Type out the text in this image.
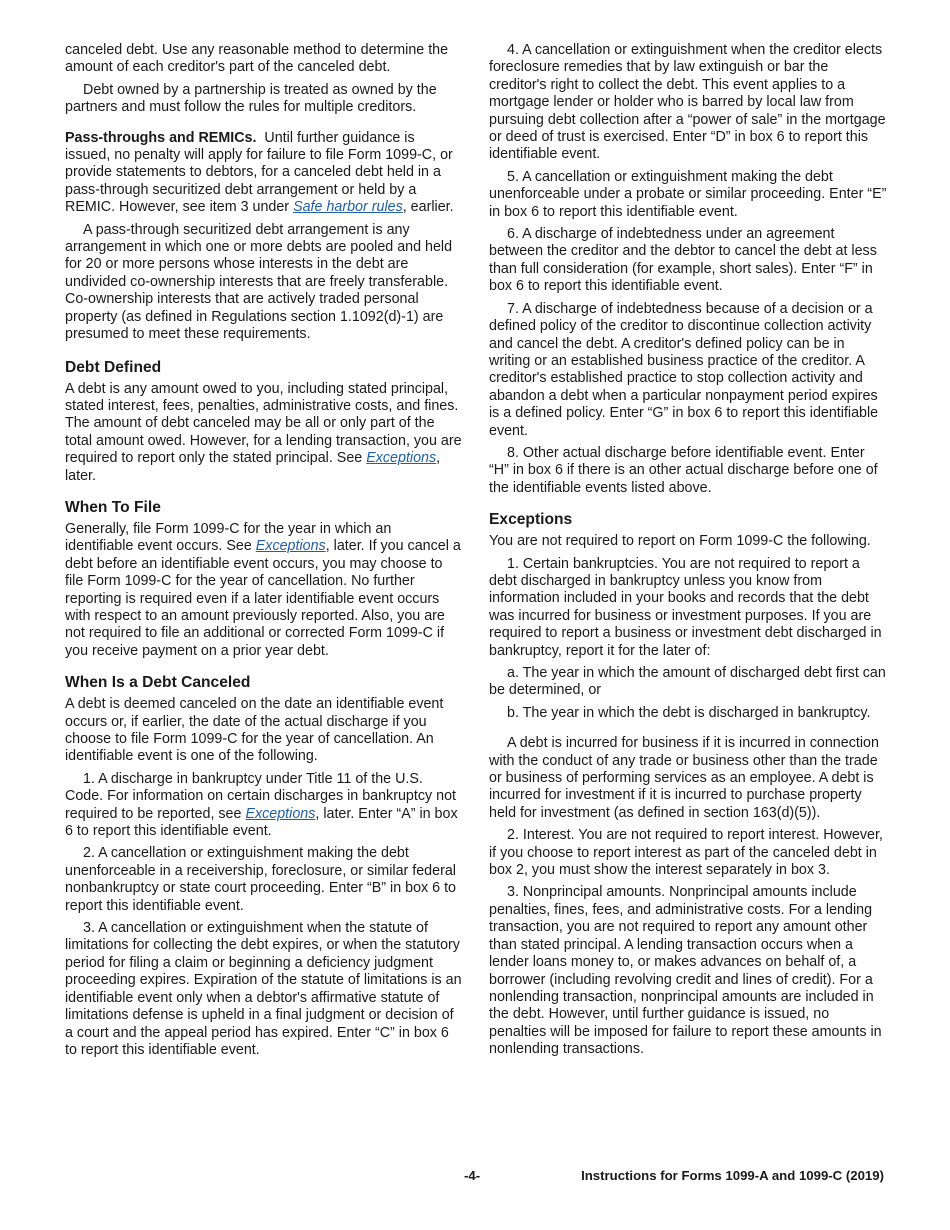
canceled debt. Use any reasonable method to determine the amount of each creditor's part of the canceled debt.

Debt owned by a partnership is treated as owned by the partners and must follow the rules for multiple creditors.

Pass-throughs and REMICs. Until further guidance is issued, no penalty will apply for failure to file Form 1099-C, or provide statements to debtors, for a canceled debt held in a pass-through securitized debt arrangement or held by a REMIC. However, see item 3 under Safe harbor rules, earlier.

A pass-through securitized debt arrangement is any arrangement in which one or more debts are pooled and held for 20 or more persons whose interests in the debt are undivided co-ownership interests that are freely transferable. Co-ownership interests that are actively traded personal property (as defined in Regulations section 1.1092(d)-1) are presumed to meet these requirements.

Debt Defined

A debt is any amount owed to you, including stated principal, stated interest, fees, penalties, administrative costs, and fines. The amount of debt canceled may be all or only part of the total amount owed. However, for a lending transaction, you are required to report only the stated principal. See Exceptions, later.

When To File

Generally, file Form 1099-C for the year in which an identifiable event occurs. See Exceptions, later. If you cancel a debt before an identifiable event occurs, you may choose to file Form 1099-C for the year of cancellation. No further reporting is required even if a later identifiable event occurs with respect to an amount previously reported. Also, you are not required to file an additional or corrected Form 1099-C if you receive payment on a prior year debt.

When Is a Debt Canceled

A debt is deemed canceled on the date an identifiable event occurs or, if earlier, the date of the actual discharge if you choose to file Form 1099-C for the year of cancellation. An identifiable event is one of the following.

1. A discharge in bankruptcy under Title 11 of the U.S. Code. For information on certain discharges in bankruptcy not required to be reported, see Exceptions, later. Enter “A” in box 6 to report this identifiable event.

2. A cancellation or extinguishment making the debt unenforceable in a receivership, foreclosure, or similar federal nonbankruptcy or state court proceeding. Enter “B” in box 6 to report this identifiable event.

3. A cancellation or extinguishment when the statute of limitations for collecting the debt expires, or when the statutory period for filing a claim or beginning a deficiency judgment proceeding expires. Expiration of the statute of limitations is an identifiable event only when a debtor's affirmative statute of limitations defense is upheld in a final judgment or decision of a court and the appeal period has expired. Enter “C” in box 6 to report this identifiable event.

4. A cancellation or extinguishment when the creditor elects foreclosure remedies that by law extinguish or bar the creditor's right to collect the debt. This event applies to a mortgage lender or holder who is barred by local law from pursuing debt collection after a “power of sale” in the mortgage or deed of trust is exercised. Enter “D” in box 6 to report this identifiable event.

5. A cancellation or extinguishment making the debt unenforceable under a probate or similar proceeding. Enter “E” in box 6 to report this identifiable event.

6. A discharge of indebtedness under an agreement between the creditor and the debtor to cancel the debt at less than full consideration (for example, short sales). Enter “F” in box 6 to report this identifiable event.

7. A discharge of indebtedness because of a decision or a defined policy of the creditor to discontinue collection activity and cancel the debt. A creditor's defined policy can be in writing or an established business practice of the creditor. A creditor's established practice to stop collection activity and abandon a debt when a particular nonpayment period expires is a defined policy. Enter “G” in box 6 to report this identifiable event.

8. Other actual discharge before identifiable event. Enter “H” in box 6 if there is an other actual discharge before one of the identifiable events listed above.

Exceptions

You are not required to report on Form 1099-C the following.

1. Certain bankruptcies. You are not required to report a debt discharged in bankruptcy unless you know from information included in your books and records that the debt was incurred for business or investment purposes. If you are required to report a business or investment debt discharged in bankruptcy, report it for the later of:

a. The year in which the amount of discharged debt first can be determined, or

b. The year in which the debt is discharged in bankruptcy.

A debt is incurred for business if it is incurred in connection with the conduct of any trade or business other than the trade or business of performing services as an employee. A debt is incurred for investment if it is incurred to purchase property held for investment (as defined in section 163(d)(5)).

2. Interest. You are not required to report interest. However, if you choose to report interest as part of the canceled debt in box 2, you must show the interest separately in box 3.

3. Nonprincipal amounts. Nonprincipal amounts include penalties, fines, fees, and administrative costs. For a lending transaction, you are not required to report any amount other than stated principal. A lending transaction occurs when a lender loans money to, or makes advances on behalf of, a borrower (including revolving credit and lines of credit). For a nonlending transaction, nonprincipal amounts are included in the debt. However, until further guidance is issued, no penalties will be imposed for failure to report these amounts in nonlending transactions.

-4-	Instructions for Forms 1099-A and 1099-C (2019)
